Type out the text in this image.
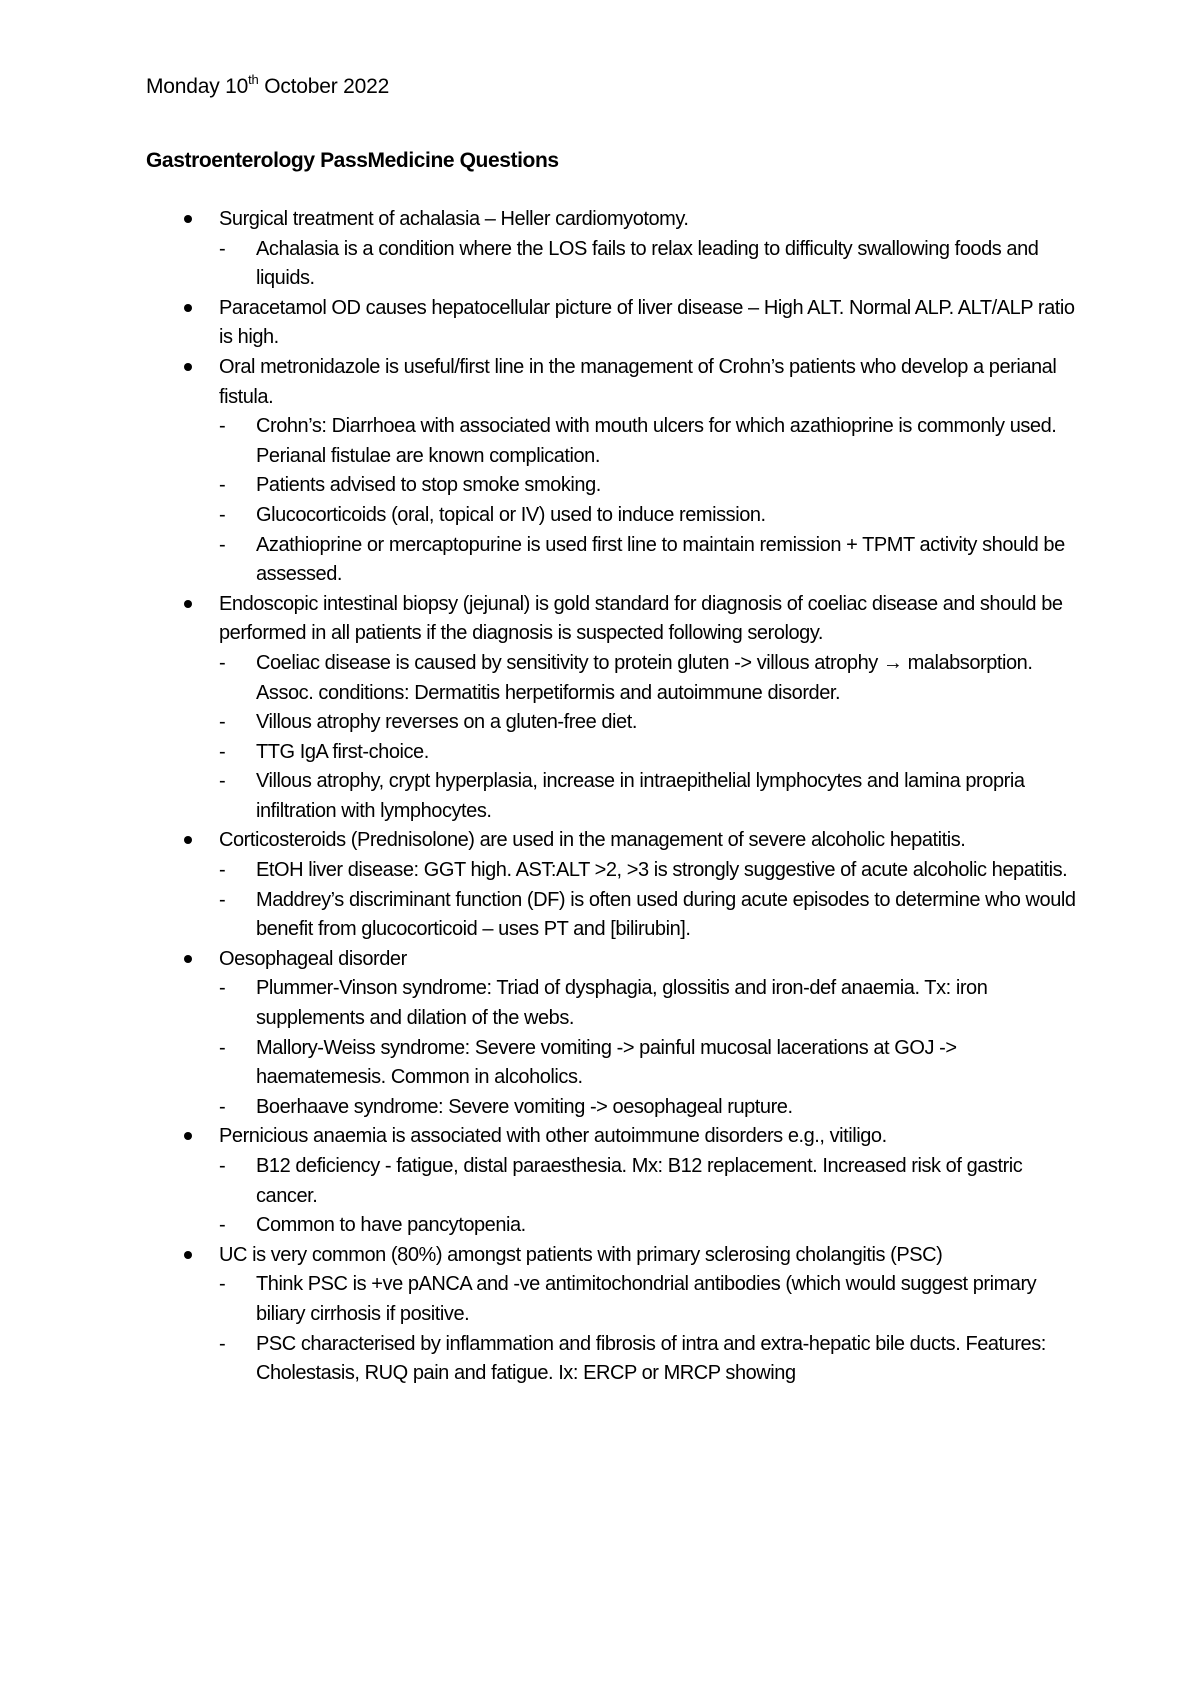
Monday 10th October 2022
Gastroenterology PassMedicine Questions
Surgical treatment of achalasia – Heller cardiomyotomy.
-	Achalasia is a condition where the LOS fails to relax leading to difficulty swallowing foods and liquids.
Paracetamol OD causes hepatocellular picture of liver disease – High ALT. Normal ALP. ALT/ALP ratio is high.
Oral metronidazole is useful/first line in the management of Crohn’s patients who develop a perianal fistula.
-	Crohn’s: Diarrhoea with associated with mouth ulcers for which azathioprine is commonly used. Perianal fistulae are known complication.
-	Patients advised to stop smoke smoking.
-	Glucocorticoids (oral, topical or IV) used to induce remission.
-	Azathioprine or mercaptopurine is used first line to maintain remission + TPMT activity should be assessed.
Endoscopic intestinal biopsy (jejunal) is gold standard for diagnosis of coeliac disease and should be performed in all patients if the diagnosis is suspected following serology.
-	Coeliac disease is caused by sensitivity to protein gluten -> villous atrophy → malabsorption. Assoc. conditions: Dermatitis herpetiformis and autoimmune disorder.
-	Villous atrophy reverses on a gluten-free diet.
-	TTG IgA first-choice.
-	Villous atrophy, crypt hyperplasia, increase in intraepithelial lymphocytes and lamina propria infiltration with lymphocytes.
Corticosteroids (Prednisolone) are used in the management of severe alcoholic hepatitis.
-	EtOH liver disease: GGT high. AST:ALT >2, >3 is strongly suggestive of acute alcoholic hepatitis.
-	Maddrey’s discriminant function (DF) is often used during acute episodes to determine who would benefit from glucocorticoid – uses PT and [bilirubin].
Oesophageal disorder
-	Plummer-Vinson syndrome: Triad of dysphagia, glossitis and iron-def anaemia. Tx: iron supplements and dilation of the webs.
-	Mallory-Weiss syndrome: Severe vomiting -> painful mucosal lacerations at GOJ -> haematemesis. Common in alcoholics.
-	Boerhaave syndrome: Severe vomiting -> oesophageal rupture.
Pernicious anaemia is associated with other autoimmune disorders e.g., vitiligo.
-	B12 deficiency - fatigue, distal paraesthesia. Mx: B12 replacement. Increased risk of gastric cancer.
-	Common to have pancytopenia.
UC is very common (80%) amongst patients with primary sclerosing cholangitis (PSC)
-	Think PSC is +ve pANCA and -ve antimitochondrial antibodies (which would suggest primary biliary cirrhosis if positive.
-	PSC characterised by inflammation and fibrosis of intra and extra-hepatic bile ducts. Features: Cholestasis, RUQ pain and fatigue. Ix: ERCP or MRCP showing
